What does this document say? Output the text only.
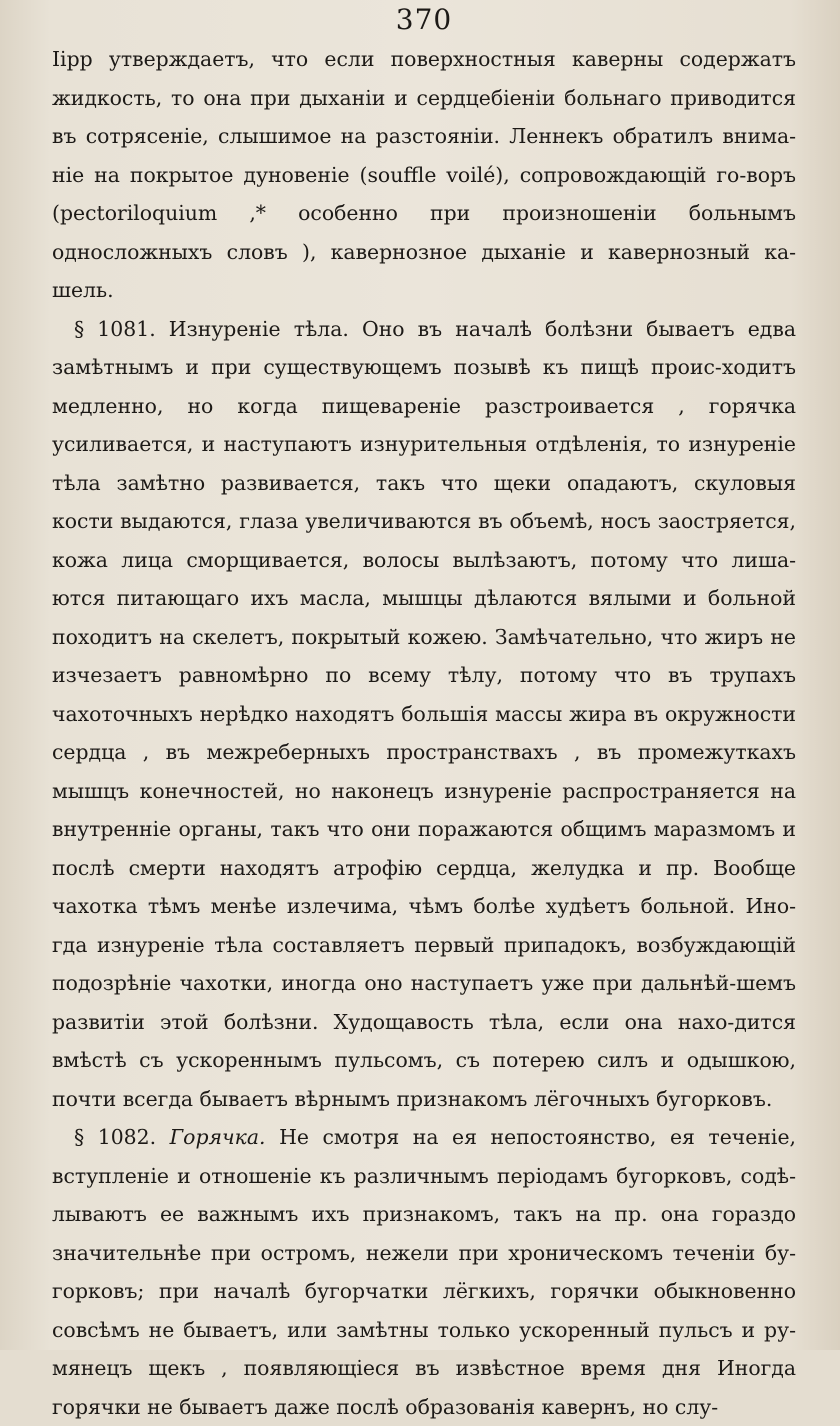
370

Iipp утверждаетъ, что если поверхностныя каверны содержатъ жидкость, то она при дыханіи и сердцебіеніи больнаго приводится въ сотрясеніе, слышимое на разстояніи. Леннекъ обратилъ внима-ніе на покрытое дуновеніе (souffle voilé), сопровождающій го-воръ (pectoriloquium ,* особенно при произношеніи больнымъ односложныхъ словъ ), кавернозное дыханіе и кавернозный ка-шель.

§ 1081. Изнуреніе тѣла. Оно въ началѣ болѣзни бываетъ едва замѣтнымъ и при существующемъ позывѣ къ пищѣ проис-ходитъ медленно, но когда пищевареніе разстроивается , горячка усиливается, и наступаютъ изнурительныя отдѣленія, то изнуреніе тѣла замѣтно развивается, такъ что щеки опадаютъ, скуловыя кости выдаются, глаза увеличиваются въ объемѣ, носъ заостряется, кожа лица сморщивается, волосы вылѣзаютъ, потому что лиша-ются питающаго ихъ масла, мышцы дѣлаются вялыми и больной походитъ на скелетъ, покрытый кожею. Замѣчательно, что жиръ не изчезаетъ равномѣрно по всему тѣлу, потому что въ трупахъ чахоточныхъ нерѣдко находятъ большія массы жира въ окружности сердца , въ межреберныхъ пространствахъ , въ промежуткахъ мышцъ конечностей, но наконецъ изнуреніе распространяется на внутренніе органы, такъ что они поражаются общимъ маразмомъ и послѣ смерти находятъ атрофію сердца, желудка и пр. Вообще чахотка тѣмъ менѣе излечима, чѣмъ болѣе худѣетъ больной. Ино-гда изнуреніе тѣла составляетъ первый припадокъ, возбуждающій подозрѣніе чахотки, иногда оно наступаетъ уже при дальнѣй-шемъ развитіи этой болѣзни. Худощавость тѣла, если она нахо-дится вмѣстѣ съ ускореннымъ пульсомъ, съ потерею силъ и одышкою, почти всегда бываетъ вѣрнымъ признакомъ лёгочныхъ бугорковъ.

§ 1082. Горячка. Не смотря на ея непостоянство, ея теченіе, вступленіе и отношеніе къ различнымъ періодамъ бугорковъ, содѣ-лываютъ ее важнымъ ихъ признакомъ, такъ на пр. она гораздо значительнѣе при остромъ, нежели при хроническомъ теченіи бу-горковъ; при началѣ бугорчатки лёгкихъ, горячки обыкновенно совсѣмъ не бываетъ, или замѣтны только ускоренный пульсъ и ру-мянецъ щекъ , появляющіеся въ извѣстное время дня Иногда горячки не бываетъ даже послѣ образованія кавернъ, но слу-
